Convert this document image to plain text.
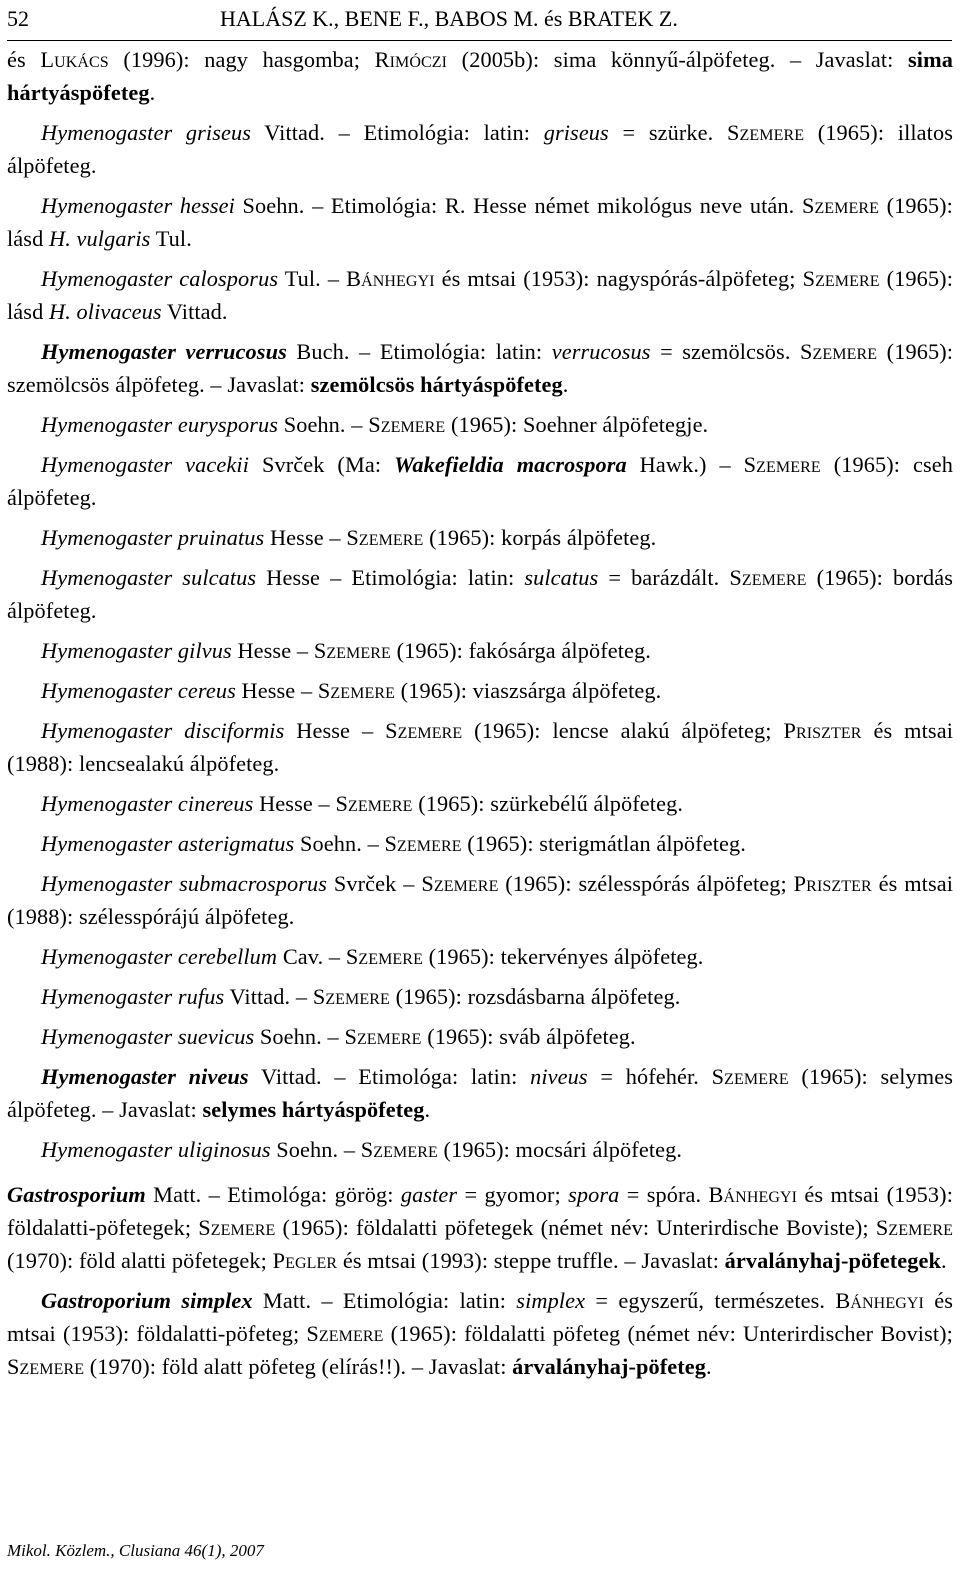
52	HALÁSZ K., BENE F., BABOS M. és BRATEK Z.

és Lukács (1996): nagy hasgomba; Rimóczi (2005b): sima könnyű-álpöfeteg. – Javaslat: sima hártyáspöfeteg.

Hymenogaster griseus Vittad. – Etimológia: latin: griseus = szürke. Szemere (1965): illatos álpöfeteg.

Hymenogaster hessei Soehn. – Etimológia: R. Hesse német mikológus neve után. Szemere (1965): lásd H. vulgaris Tul.

Hymenogaster calosporus Tul. – Bánhegyi és mtsai (1953): nagyspórás-álpöfeteg; Szemere (1965): lásd H. olivaceus Vittad.

Hymenogaster verrucosus Buch. – Etimológia: latin: verrucosus = szemölcsös. Szemere (1965): szemölcsös álpöfeteg. – Javaslat: szemölcsös hártyáspöfeteg.

Hymenogaster eurysporus Soehn. – Szemere (1965): Soehner álpöfetegje.

Hymenogaster vacekii Svrček (Ma: Wakefieldia macrospora Hawk.) – Szemere (1965): cseh álpöfeteg.

Hymenogaster pruinatus Hesse – Szemere (1965): korpás álpöfeteg.

Hymenogaster sulcatus Hesse – Etimológia: latin: sulcatus = barázdált. Szemere (1965): bordás álpöfeteg.

Hymenogaster gilvus Hesse – Szemere (1965): fakósárga álpöfeteg.

Hymenogaster cereus Hesse – Szemere (1965): viaszsárga álpöfeteg.

Hymenogaster disciformis Hesse – Szemere (1965): lencse alakú álpöfeteg; Priszter és mtsai (1988): lencsealakú álpöfeteg.

Hymenogaster cinereus Hesse – Szemere (1965): szürkebélű álpöfeteg.

Hymenogaster asterigmatus Soehn. – Szemere (1965): sterigmátlan álpöfeteg.

Hymenogaster submacrosporus Svrček – Szemere (1965): szélesspórás álpöfeteg; Priszter és mtsai (1988): szélesspórájú álpöfeteg.

Hymenogaster cerebellum Cav. – Szemere (1965): tekervényes álpöfeteg.

Hymenogaster rufus Vittad. – Szemere (1965): rozsdásbarna álpöfeteg.

Hymenogaster suevicus Soehn. – Szemere (1965): sváb álpöfeteg.

Hymenogaster niveus Vittad. – Etimológa: latin: niveus = hófehér. Szemere (1965): selymes álpöfeteg. – Javaslat: selymes hártyáspöfeteg.

Hymenogaster uliginosus Soehn. – Szemere (1965): mocsári álpöfeteg.

Gastrosporium Matt. – Etimológa: görög: gaster = gyomor; spora = spóra. Bánhegyi és mtsai (1953): földalatti-pöfetegek; Szemere (1965): földalatti pöfetegek (német név: Unterirdische Boviste); Szemere (1970): föld alatti pöfetegek; Pegler és mtsai (1993): steppe truffle. – Javaslat: árvalányhaj-pöfetegek.

Gastroporium simplex Matt. – Etimológia: latin: simplex = egyszerű, természetes. Bánhegyi és mtsai (1953): földalatti-pöfeteg; Szemere (1965): földalatti pöfeteg (német név: Unterirdischer Bovist); Szemere (1970): föld alatt pöfeteg (elírás!!). – Javaslat: árvalányhaj-pöfeteg.

Mikol. Közlem., Clusiana 46(1), 2007
